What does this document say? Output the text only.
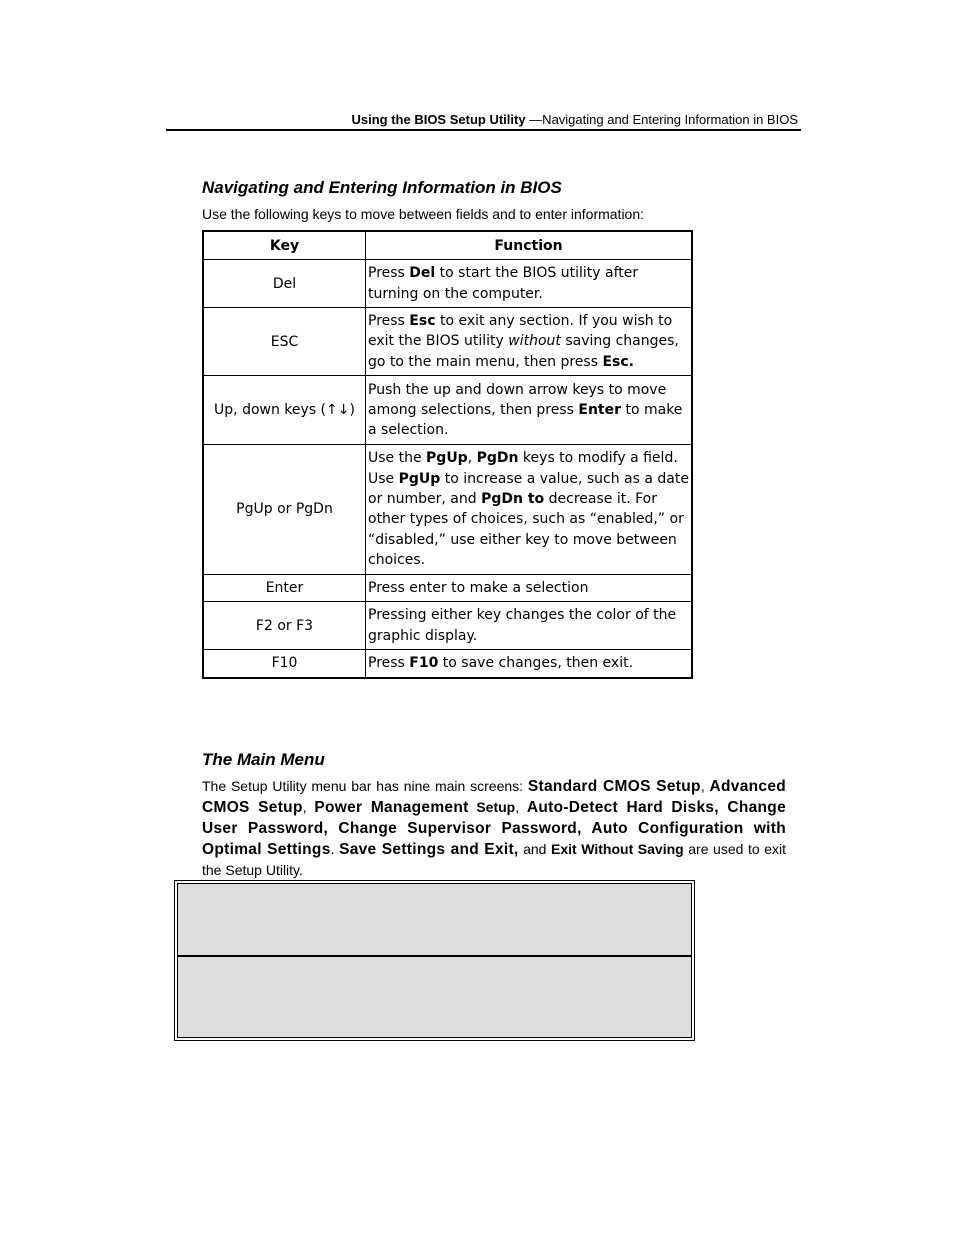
Using the BIOS Setup Utility —Navigating and Entering Information in BIOS
Navigating and Entering Information in BIOS

Use the following keys to move between fields and to enter information:

Key	Function
Del	Press Del to start the BIOS utility after turning on the computer.
ESC	Press Esc to exit any section. If you wish to exit the BIOS utility without saving changes, go to the main menu, then press Esc.
Up, down keys (↑↓)	Push the up and down arrow keys to move among selections, then press Enter to make a selection.
PgUp or PgDn	Use the PgUp, PgDn keys to modify a field. Use PgUp to increase a value, such as a date or number, and PgDn to decrease it. For other types of choices, such as “enabled,” or “disabled,” use either key to move between choices.
Enter	Press enter to make a selection
F2 or F3	Pressing either key changes the color of the graphic display.
F10	Press F10 to save changes, then exit.
The Main Menu

The Setup Utility menu bar has nine main screens: Standard CMOS Setup, Advanced CMOS Setup, Power Management Setup, Auto-Detect Hard Disks, Change User Password, Change Supervisor Password, Auto Configuration with Optimal Settings. Save Settings and Exit, and Exit Without Saving are used to exit the Setup Utility.
